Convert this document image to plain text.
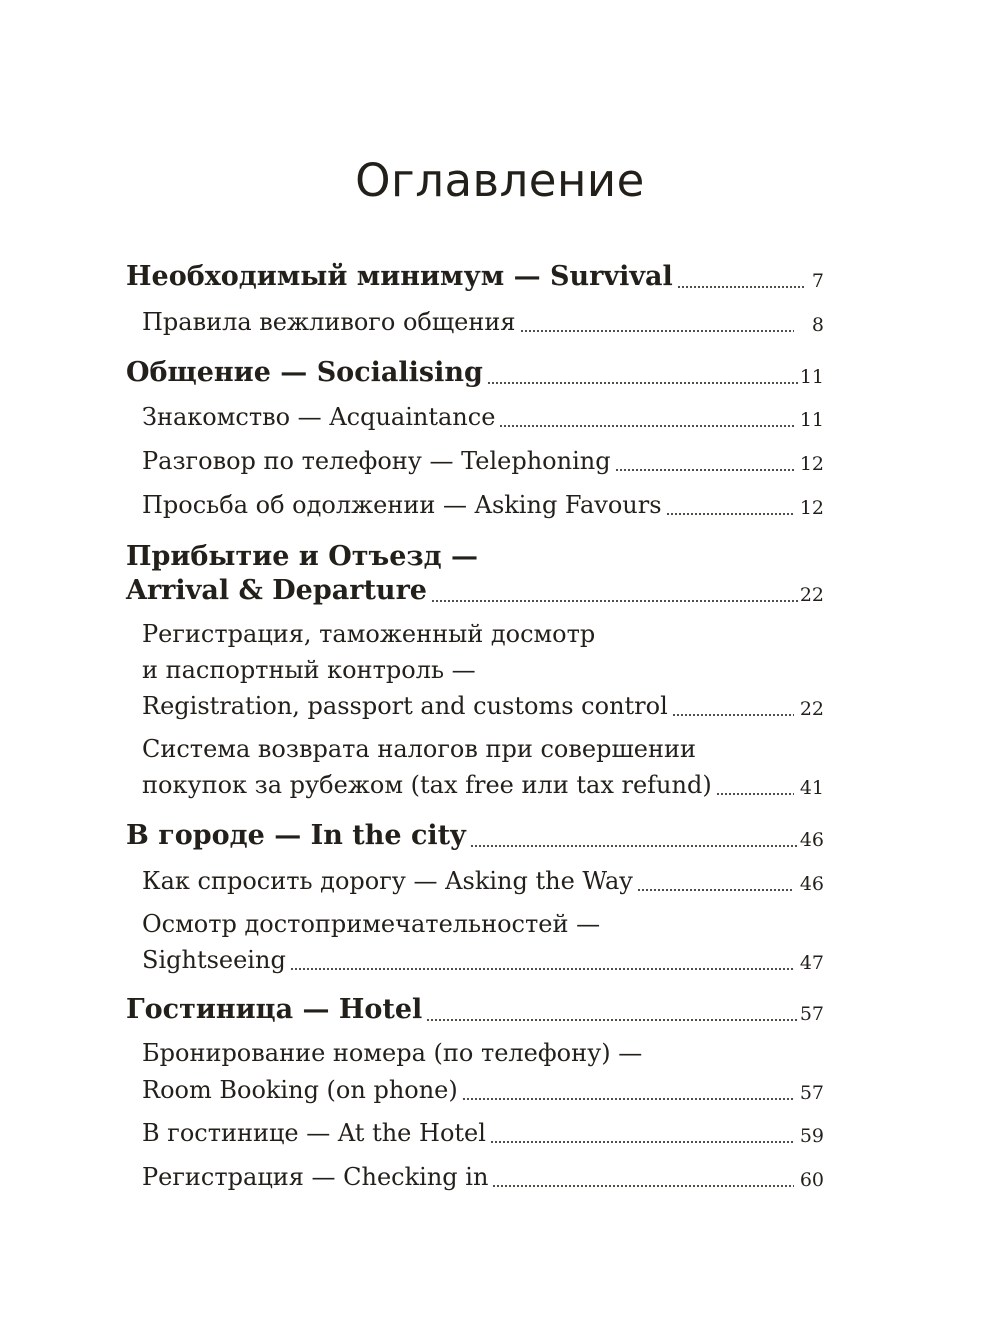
Оглавление
Необходимый минимум — Survival	7
Правила вежливого общения	8
Общение — Socialising	11
Знакомство — Acquaintance	11
Разговор по телефону — Telephoning	12
Просьба об одолжении — Asking Favours	12
Прибытие и Отъезд —
Arrival & Departure	22
Регистрация, таможенный досмотр
и паспортный контроль —
Registration, passport and customs control	22
Система возврата налогов при совершении
покупок за рубежом (tax free или tax refund)	41
В городе — In the city	46
Как спросить дорогу — Asking the Way	46
Осмотр достопримечательностей —
Sightseeing	47
Гостиница — Hotel	57
Бронирование номера (по телефону) —
Room Booking (on phone)	57
В гостинице — At the Hotel	59
Регистрация — Checking in	60
